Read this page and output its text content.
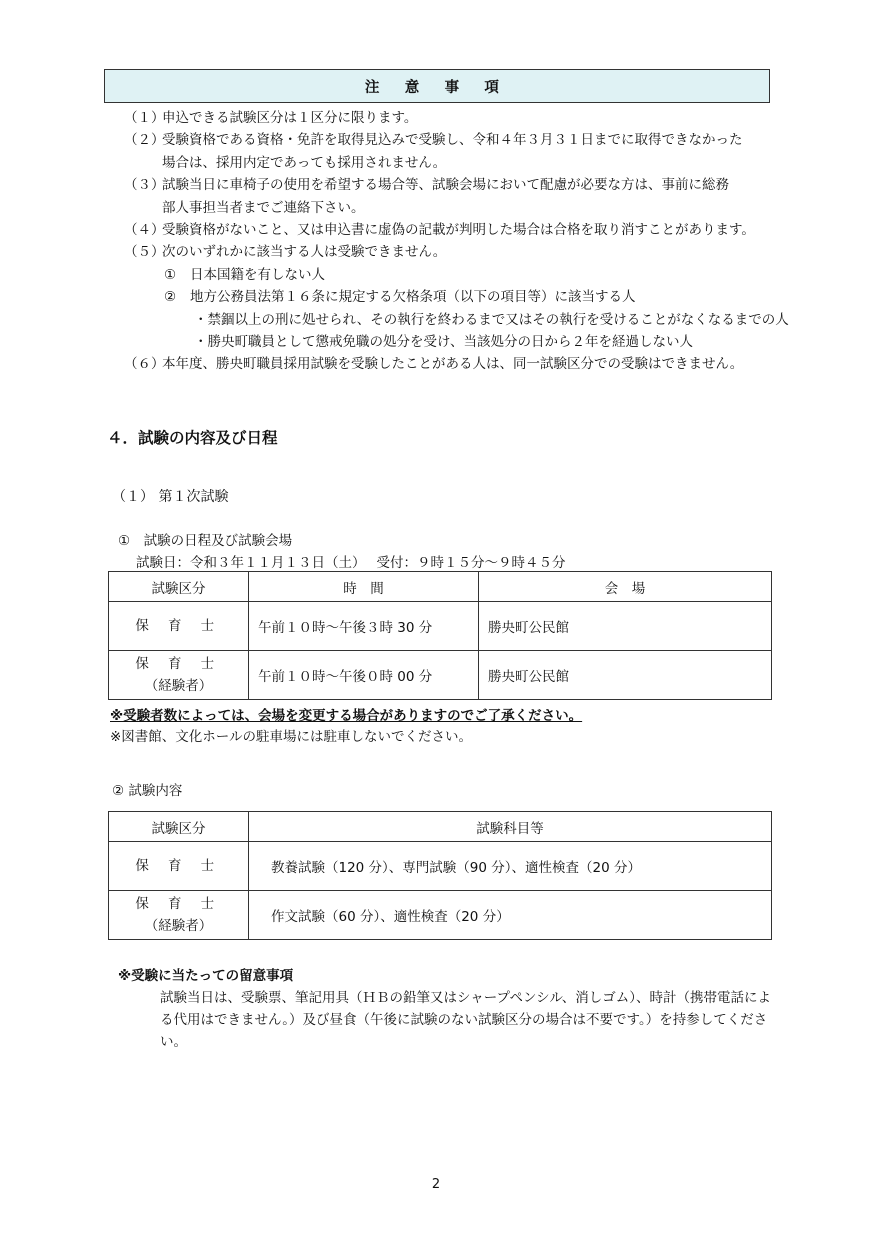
注 意 事 項
（１）申込できる試験区分は１区分に限ります。
（２）受験資格である資格・免許を取得見込みで受験し、令和４年３月３１日までに取得できなかった
場合は、採用内定であっても採用されません。
（３）試験当日に車椅子の使用を希望する場合等、試験会場において配慮が必要な方は、事前に総務
部人事担当者までご連絡下さい。
（４）受験資格がないこと、又は申込書に虚偽の記載が判明した場合は合格を取り消すことがあります。
（５）次のいずれかに該当する人は受験できません。
① 日本国籍を有しない人
② 地方公務員法第１６条に規定する欠格条項（以下の項目等）に該当する人
・禁錮以上の刑に処せられ、その執行を終わるまで又はその執行を受けることがなくなるまでの人
・勝央町職員として懲戒免職の処分を受け、当該処分の日から２年を経過しない人
（６）本年度、勝央町職員採用試験を受験したことがある人は、同一試験区分での受験はできません。
４．試験の内容及び日程
（１） 第１次試験
①　試験の日程及び試験会場
試験日：令和３年１１月１３日（土）　 受付：９時１５分～９時４５分
試験区分	時　間	会　場

保 育 士	午前１０時～午後３時 30 分	勝央町公民館

保 育 士
（経験者）	午前１０時～午後０時 00 分	勝央町公民館
※受験者数によっては、会場を変更する場合がありますのでご了承ください。
※図書館、文化ホールの駐車場には駐車しないでください。
② 試験内容
試験区分	試験科目等

保 育 士	教養試験（120 分）、専門試験（90 分）、適性検査（20 分）

保 育 士
（経験者）	作文試験（60 分）、適性検査（20 分）
※受験に当たっての留意事項
試験当日は、受験票、筆記用具（ＨＢの鉛筆又はシャープペンシル、消しゴム）、時計（携帯電話による代用はできません。）及び昼食（午後に試験のない試験区分の場合は不要です。）を持参してください。
2
